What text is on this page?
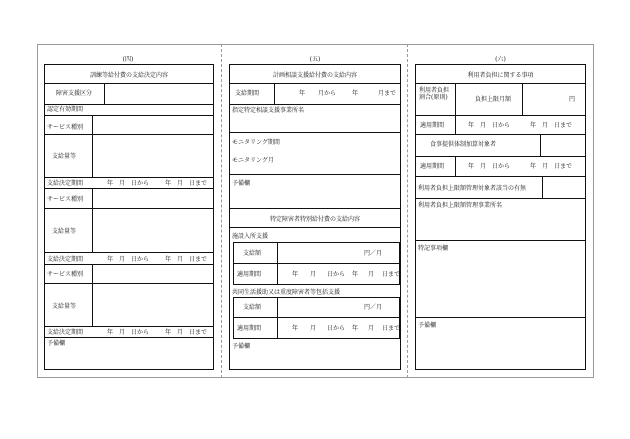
(四)	(五)	(六)
訓練等給付費の支給決定内容
障害支援区分
認定有効期間
サービス種別
支給量等
支給決定期間	年　月　日から	年　月　日まで
サービス種別
支給量等
支給決定期間	年　月　日から	年　月　日まで
サービス種別
支給量等
支給決定期間	年　月　日から	年　月　日まで
予備欄
計画相談支援給付費の支給内容
支給期間	年 月から	年	月まで
指定特定相談支援事業所名
モニタリング期間
モニタリング月
予備欄
特定障害者特別給付費の支給内容
施設入所支援
支給額	円／月
適用期間	年 月 日から 年 月 日まで
共同生活援助又は重度障害者等包括支援
支給額	円／月
適用期間	年 月 日から 年 月 日まで
予備欄
利用者負担に関する事項
利用者負担割合(原則)	負担上限月額	円
適用期間	年　月　日から	年　月　日まで
食事提供体制加算対象者
適用期間	年　月　日から	年　月　日まで
利用者負担上限額管理対象者該当の有無
利用者負担上限額管理事業所名
特記事項欄
予備欄
